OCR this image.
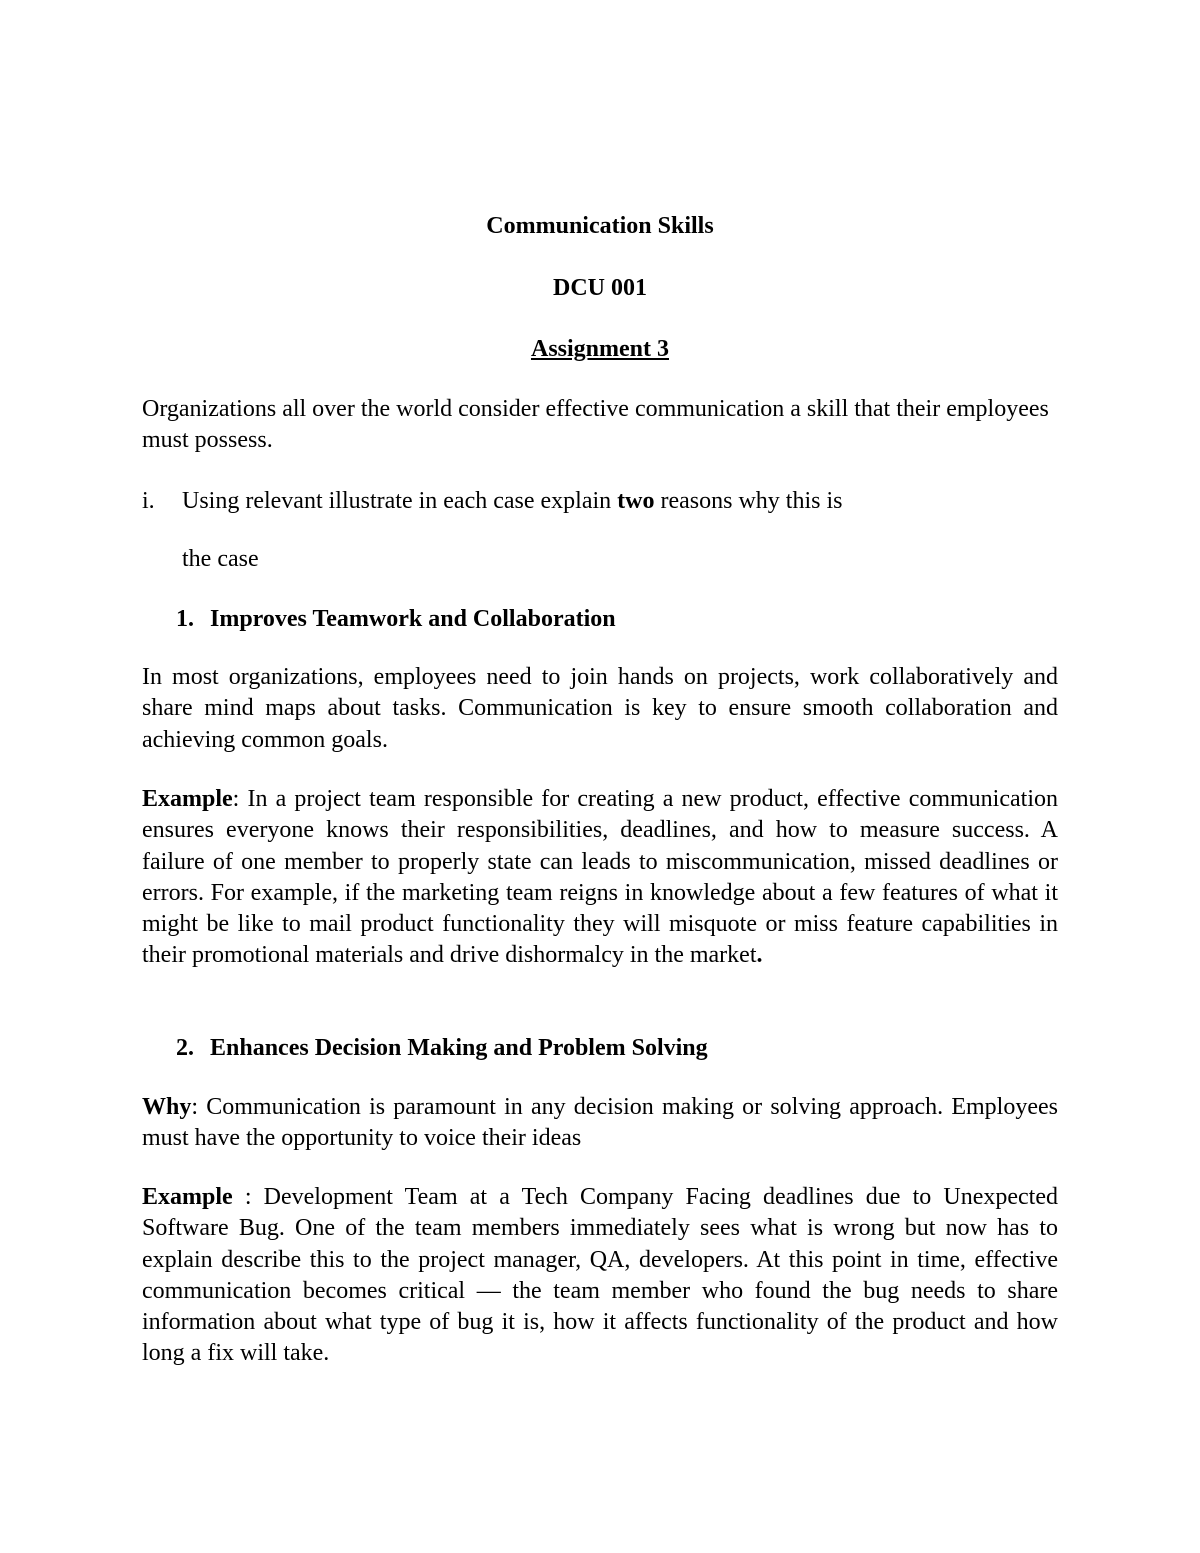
Communication Skills
DCU 001
Assignment 3
Organizations all over the world consider effective communication a skill that their employees must possess.
i. Using relevant illustrate in each case explain two reasons why this is
the case
1. Improves Teamwork and Collaboration
In most organizations, employees need to join hands on projects, work collaboratively and share mind maps about tasks. Communication is key to ensure smooth collaboration and achieving common goals.
Example: In a project team responsible for creating a new product, effective communication ensures everyone knows their responsibilities, deadlines, and how to measure success. A failure of one member to properly state can leads to miscommunication, missed deadlines or errors. For example, if the marketing team reigns in knowledge about a few features of what it might be like to mail product functionality they will misquote or miss feature capabilities in their promotional materials and drive dishormalcy in the market.
2. Enhances Decision Making and Problem Solving
Why: Communication is paramount in any decision making or solving approach. Employees must have the opportunity to voice their ideas
Example : Development Team at a Tech Company Facing deadlines due to Unexpected Software Bug. One of the team members immediately sees what is wrong but now has to explain describe this to the project manager, QA, developers. At this point in time, effective communication becomes critical — the team member who found the bug needs to share information about what type of bug it is, how it affects functionality of the product and how long a fix will take.
